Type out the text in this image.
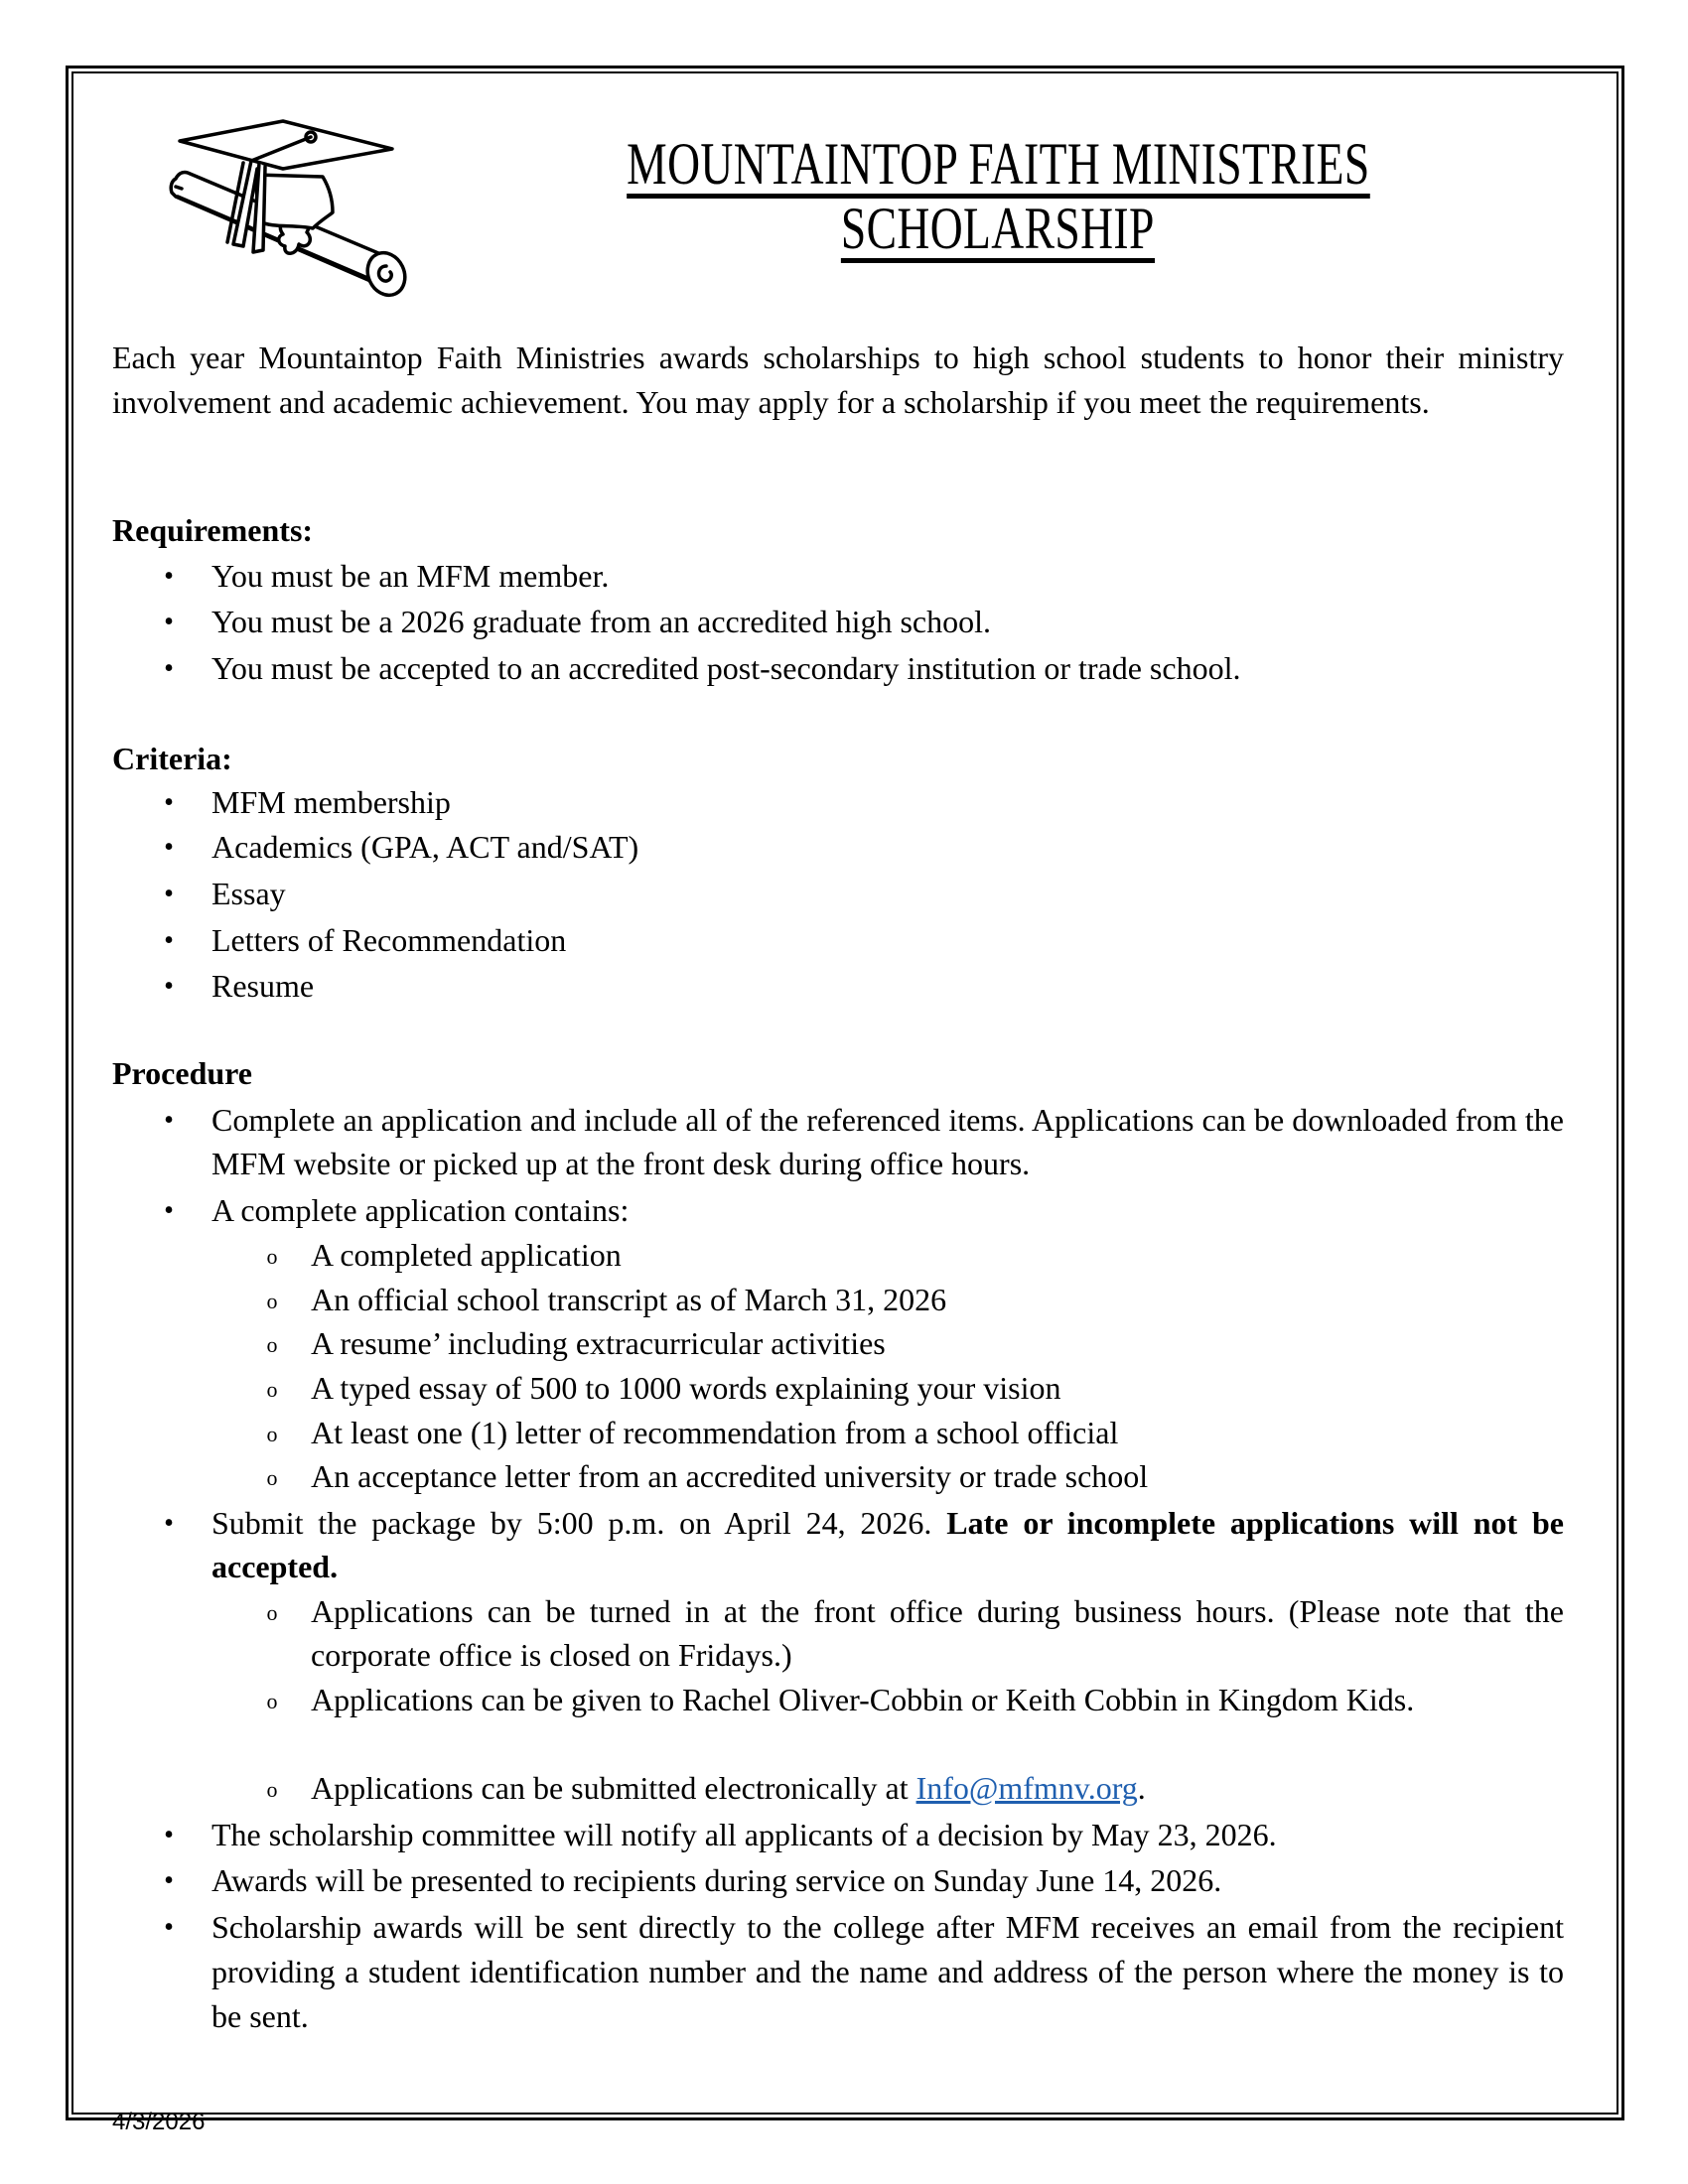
MOUNTAINTOP FAITH MINISTRIES
SCHOLARSHIP

Each year Mountaintop Faith Ministries awards scholarships to high school students to honor their ministry involvement and academic achievement. You may apply for a scholarship if you meet the requirements.

Requirements:
• You must be an MFM member.
• You must be a 2026 graduate from an accredited high school.
• You must be accepted to an accredited post-secondary institution or trade school.
Criteria:
• MFM membership
• Academics (GPA, ACT and/SAT)
• Essay
• Letters of Recommendation
• Resume
Procedure
• Complete an application and include all of the referenced items. Applications can be downloaded from the MFM website or picked up at the front desk during office hours.

• A complete application contains:
o A completed application
o An official school transcript as of March 31, 2026
o A resume’ including extracurricular activities
o A typed essay of 500 to 1000 words explaining your vision
o At least one (1) letter of recommendation from a school official
o An acceptance letter from an accredited university or trade school
• Submit the package by 5:00 p.m. on April 24, 2026. Late or incomplete applications will not be accepted.

o Applications can be turned in at the front office during business hours. (Please note that the corporate office is closed on Fridays.)

o Applications can be given to Rachel Oliver-Cobbin or Keith Cobbin in Kingdom Kids.

o Applications can be submitted electronically at Info@mfmnv.org.
• The scholarship committee will notify all applicants of a decision by May 23, 2026.
• Awards will be presented to recipients during service on Sunday June 14, 2026.
• Scholarship awards will be sent directly to the college after MFM receives an email from the recipient providing a student identification number and the name and address of the person where the money is to be sent.

4/3/2026
